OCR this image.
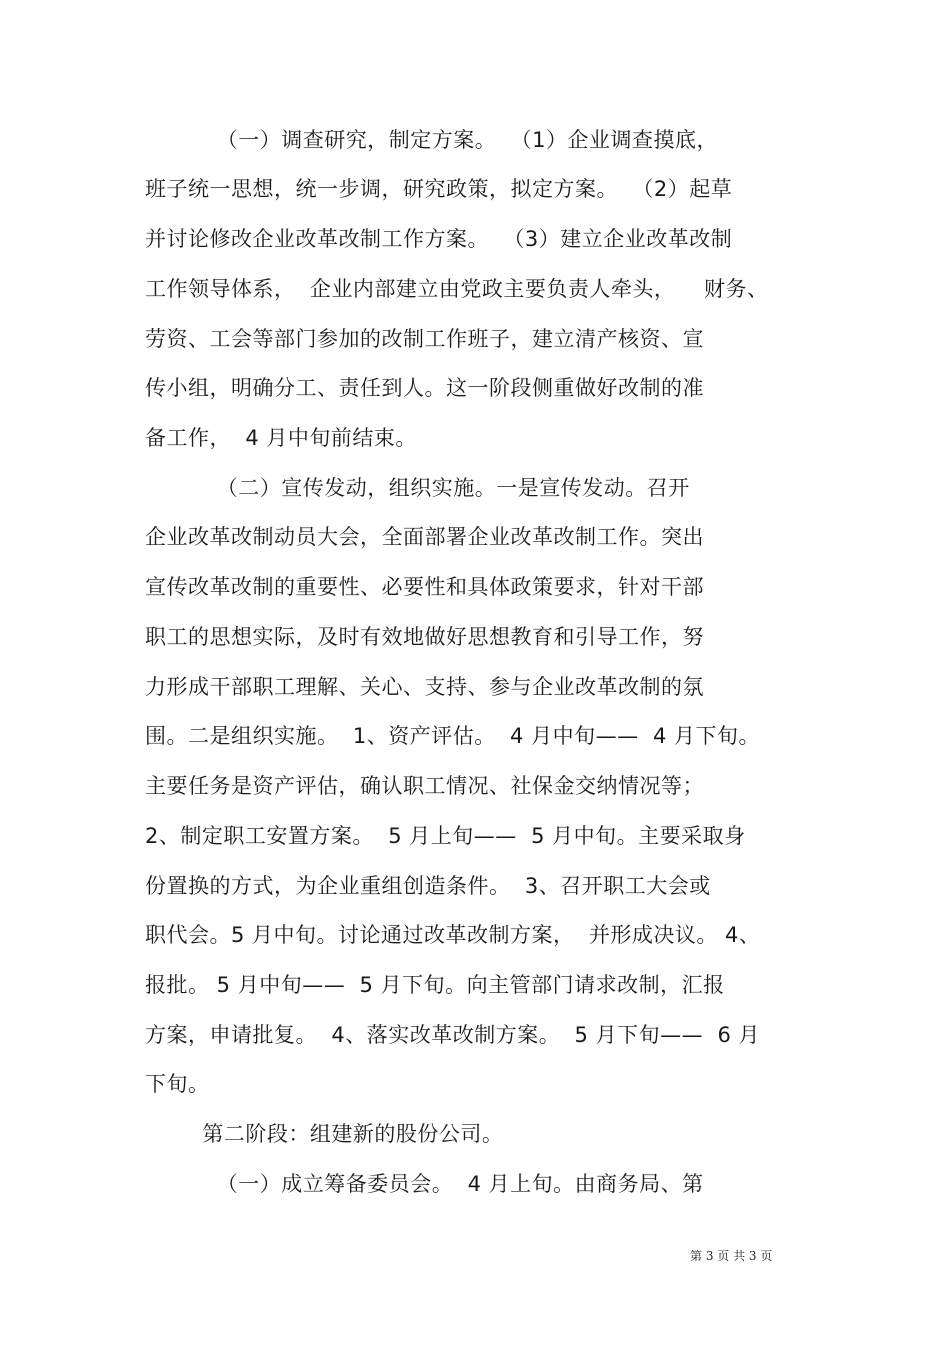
（一）调查研究，制定方案。  （1）企业调查摸底，
班子统一思想，统一步调，研究政策，拟定方案。  （2）起草
并讨论修改企业改革改制工作方案。  （3）建立企业改革改制
工作领导体系，  企业内部建立由党政主要负责人牵头，    财务、
劳资、工会等部门参加的改制工作班子，建立清产核资、宣
传小组，明确分工、责任到人。这一阶段侧重做好改制的准
备工作，  4 月中旬前结束。
（二）宣传发动，组织实施。一是宣传发动。召开
企业改革改制动员大会，全面部署企业改革改制工作。突出
宣传改革改制的重要性、必要性和具体政策要求，针对干部
职工的思想实际，及时有效地做好思想教育和引导工作，努
力形成干部职工理解、关心、支持、参与企业改革改制的氛
围。二是组织实施。  1、资产评估。  4 月中旬——  4 月下旬。
主要任务是资产评估，确认职工情况、社保金交纳情况等；
2、制定职工安置方案。  5 月上旬——  5 月中旬。主要采取身
份置换的方式，为企业重组创造条件。  3、召开职工大会或
职代会。5 月中旬。讨论通过改革改制方案，  并形成决议。 4、
报批。 5 月中旬——  5 月下旬。向主管部门请求改制，汇报
方案，申请批复。  4、落实改革改制方案。  5 月下旬——  6 月
下旬。
第二阶段：组建新的股份公司。
（一）成立筹备委员会。  4 月上旬。由商务局、第
第 3 页 共 3 页
